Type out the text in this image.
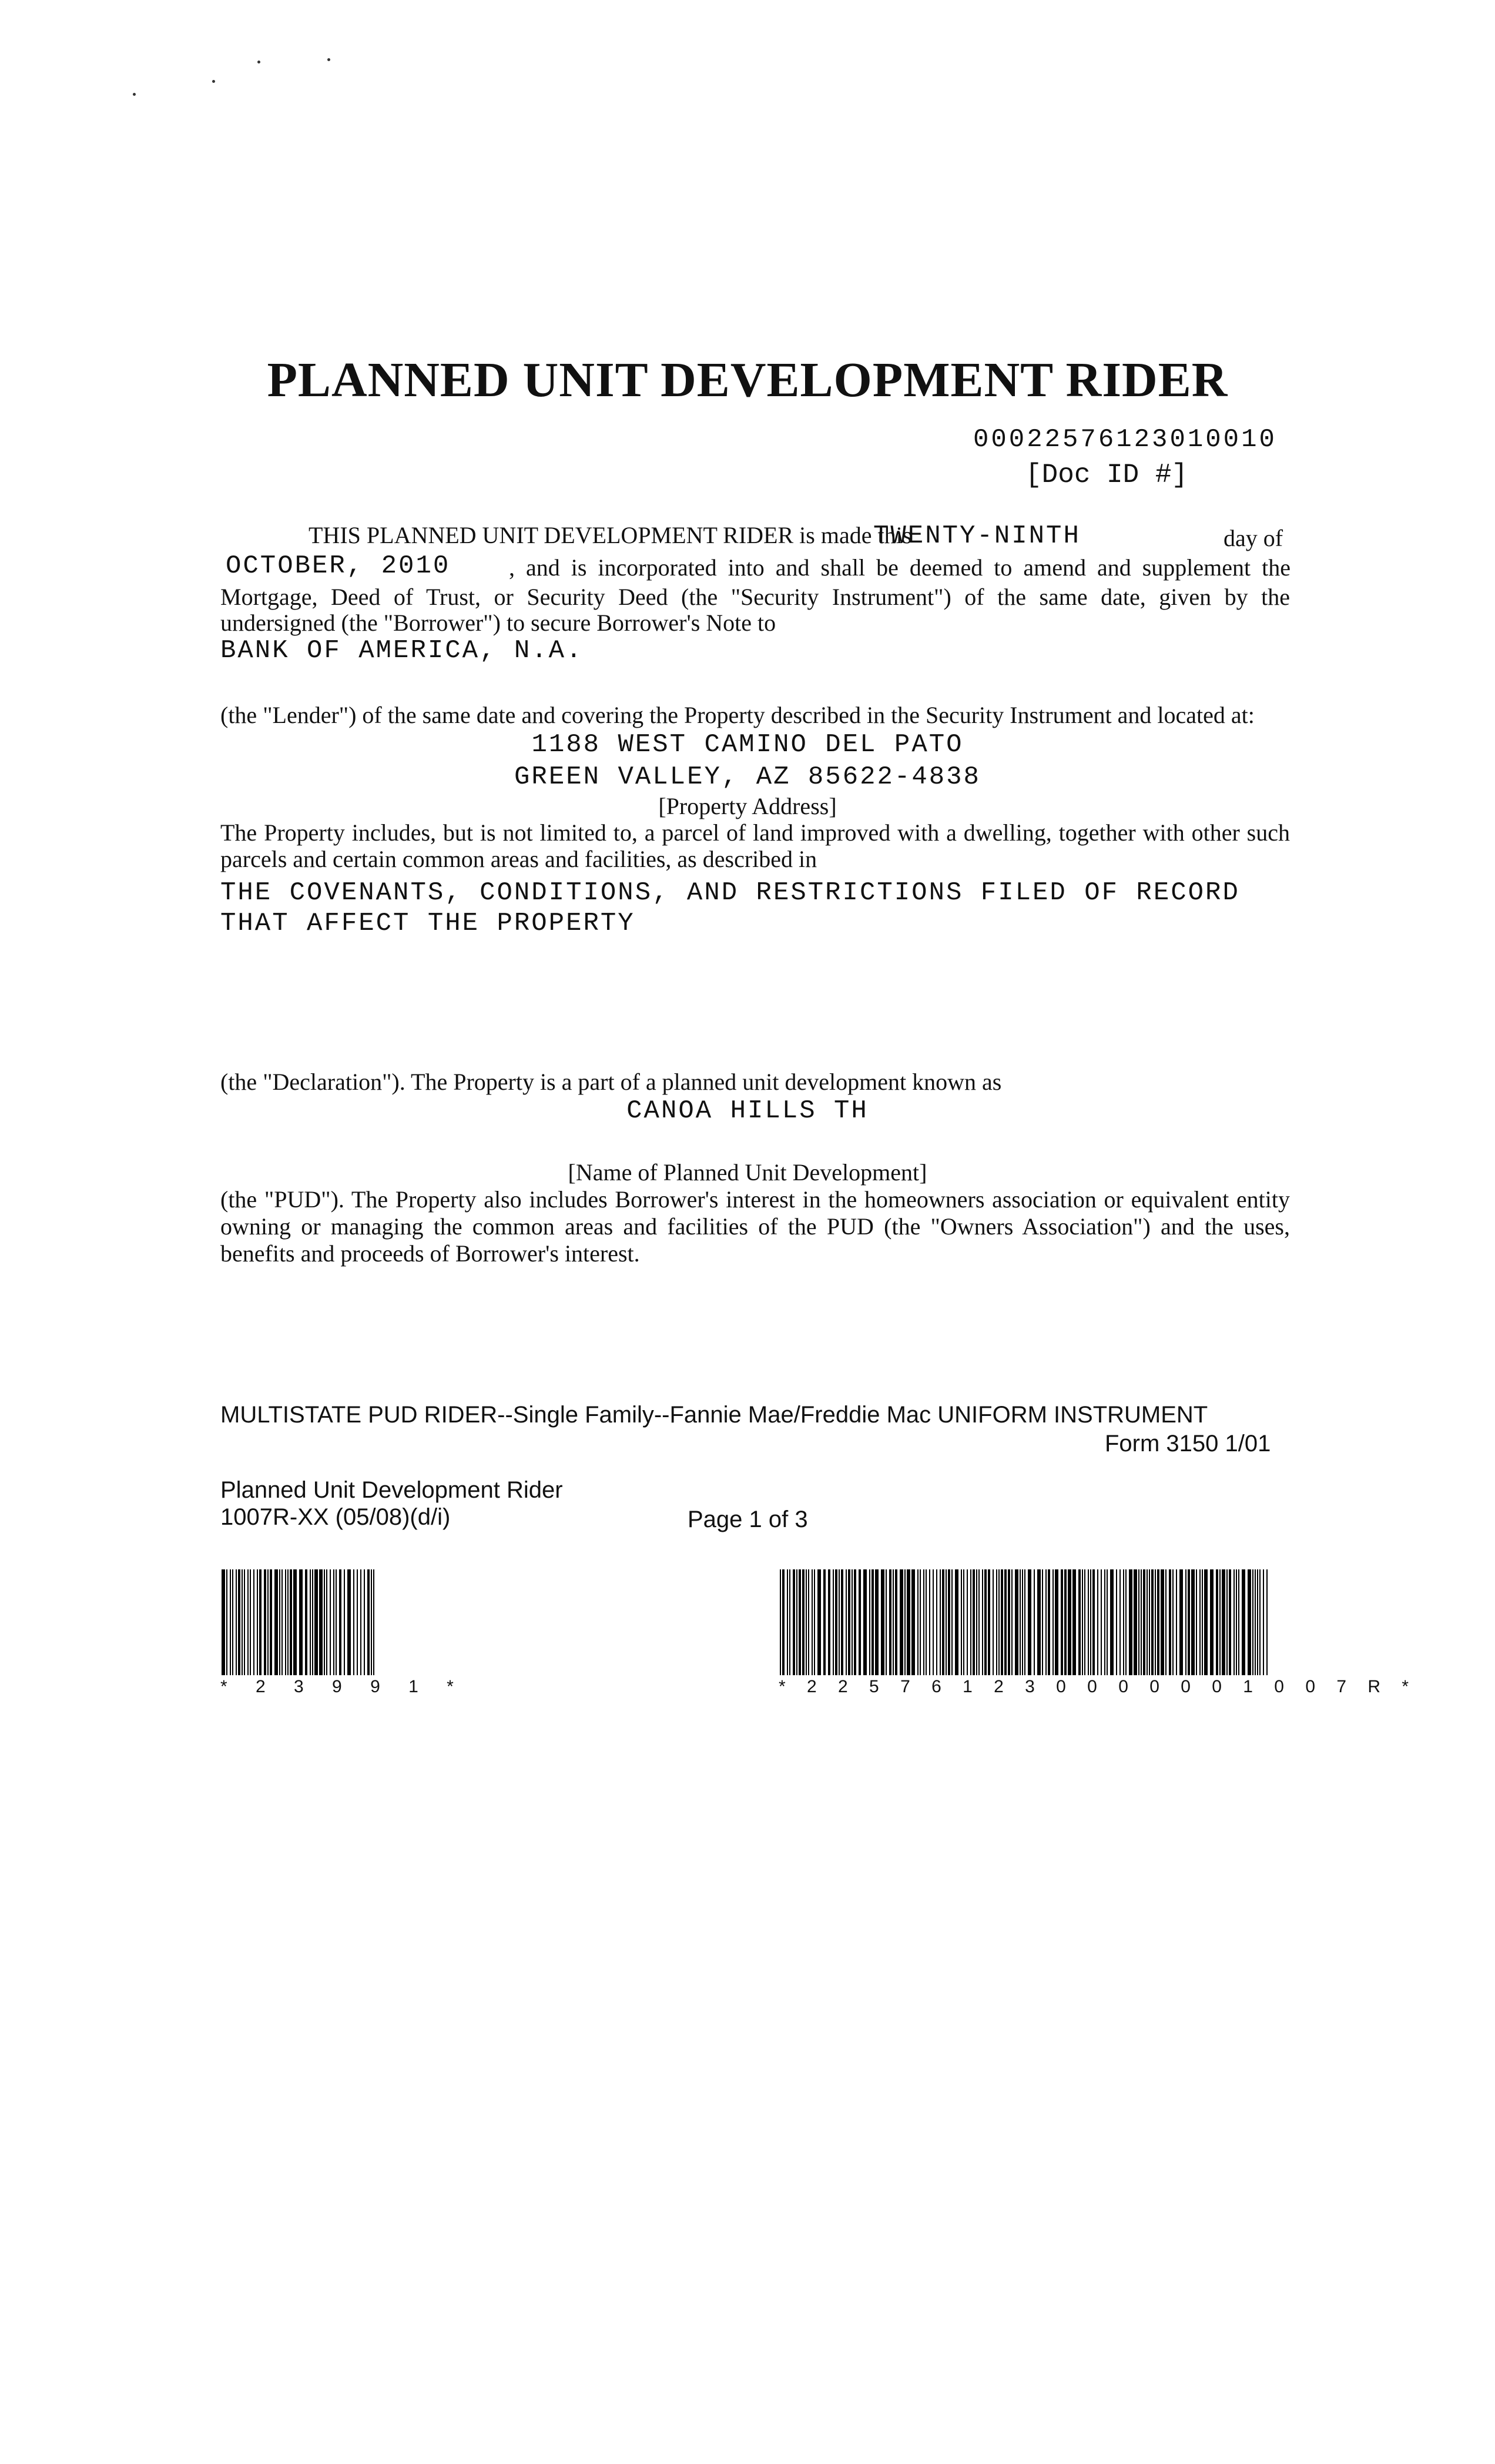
PLANNED UNIT DEVELOPMENT RIDER
00022576123010010
[Doc ID #]
THIS PLANNED UNIT DEVELOPMENT RIDER is made this
TWENTY-NINTH	day of
OCTOBER, 2010 , and is incorporated into and shall be deemed to amend and supplement the
Mortgage, Deed of Trust, or Security Deed (the "Security Instrument") of the same date, given by the
undersigned (the "Borrower") to secure Borrower's Note to
BANK OF AMERICA, N.A.
(the "Lender") of the same date and covering the Property described in the Security Instrument and located at:
1188 WEST CAMINO DEL PATO
GREEN VALLEY, AZ 85622-4838
[Property Address]
The Property includes, but is not limited to, a parcel of land improved with a dwelling, together with other such
parcels and certain common areas and facilities, as described in
THE COVENANTS, CONDITIONS, AND RESTRICTIONS FILED OF RECORD
THAT AFFECT THE PROPERTY
(the "Declaration"). The Property is a part of a planned unit development known as
CANOA HILLS TH
[Name of Planned Unit Development]
(the "PUD"). The Property also includes Borrower's interest in the homeowners association or equivalent entity
owning or managing the common areas and facilities of the PUD (the "Owners Association") and the uses,
benefits and proceeds of Borrower's interest.
MULTISTATE PUD RIDER--Single Family--Fannie Mae/Freddie Mac UNIFORM INSTRUMENT
Form 3150 1/01
Planned Unit Development Rider
1007R-XX (05/08)(d/i)	Page 1 of 3
* 2 3 9 9 1 *	* 2 2 5 7 6 1 2 3 0 0 0 0 0 0 1 0 0 7 R *
